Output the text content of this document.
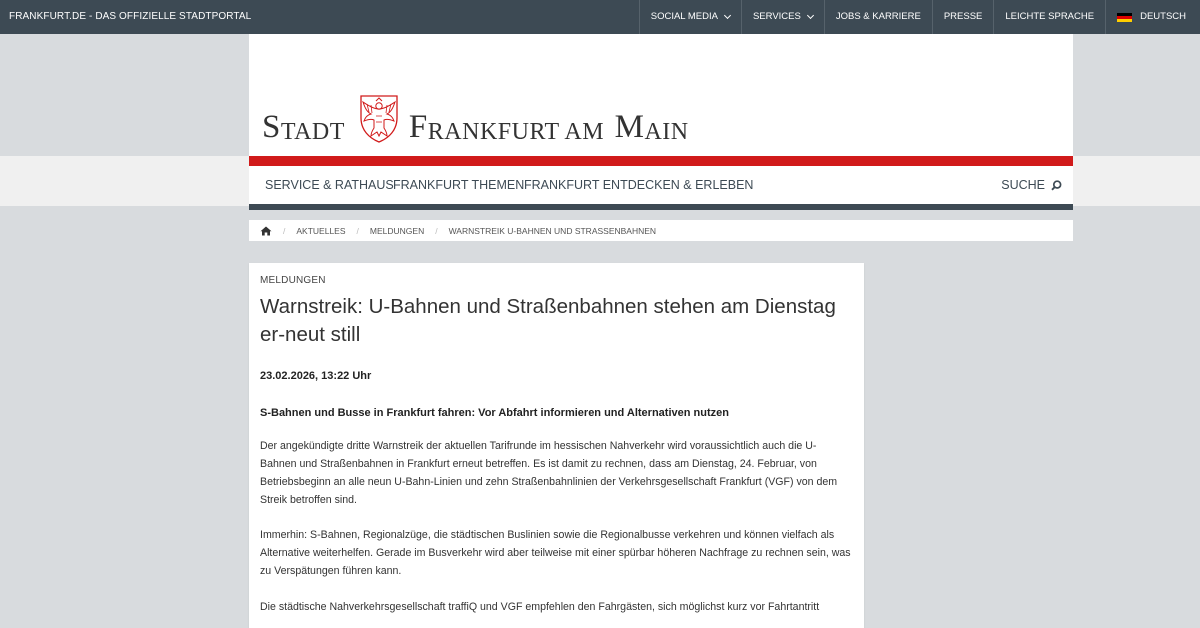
FRANKFURT.DE - DAS OFFIZIELLE STADTPORTAL	SOCIAL MEDIA	SERVICES	JOBS & KARRIERE PRESSE LEICHTE SPRACHE	DEUTSCH
S TADT F RANKFURT AM M AIN
SERVICE & RATHAUS FRANKFURT THEMEN FRANKFURT ENTDECKEN & ERLEBEN	SUCHE
/ AKTUELLES / MELDUNGEN / WARNSTREIK U-BAHNEN UND STRASSENBAHNEN
MELDUNGEN
Warnstreik: U-Bahnen und Straßenbahnen stehen am Dienstag er-neut still
23.02.2026, 13:22 Uhr
S-Bahnen und Busse in Frankfurt fahren: Vor Abfahrt informieren und Alternativen nutzen

Der angekündigte dritte Warnstreik der aktuellen Tarifrunde im hessischen Nahverkehr wird voraussichtlich auch die U-Bahnen und Straßenbahnen in Frankfurt erneut betreffen. Es ist damit zu rechnen, dass am Dienstag, 24. Februar, von Betriebsbeginn an alle neun U-Bahn-Linien und zehn Straßenbahnlinien der Verkehrsgesellschaft Frankfurt (VGF) von dem Streik betroffen sind.

Immerhin: S-Bahnen, Regionalzüge, die städtischen Buslinien sowie die Regionalbusse verkehren und können vielfach als Alternative weiterhelfen. Gerade im Busverkehr wird aber teilweise mit einer spürbar höheren Nachfrage zu rechnen sein, was zu Verspätungen führen kann.

Die städtische Nahverkehrsgesellschaft traffiQ und VGF empfehlen den Fahrgästen, sich möglichst kurz vor Fahrtantritt
